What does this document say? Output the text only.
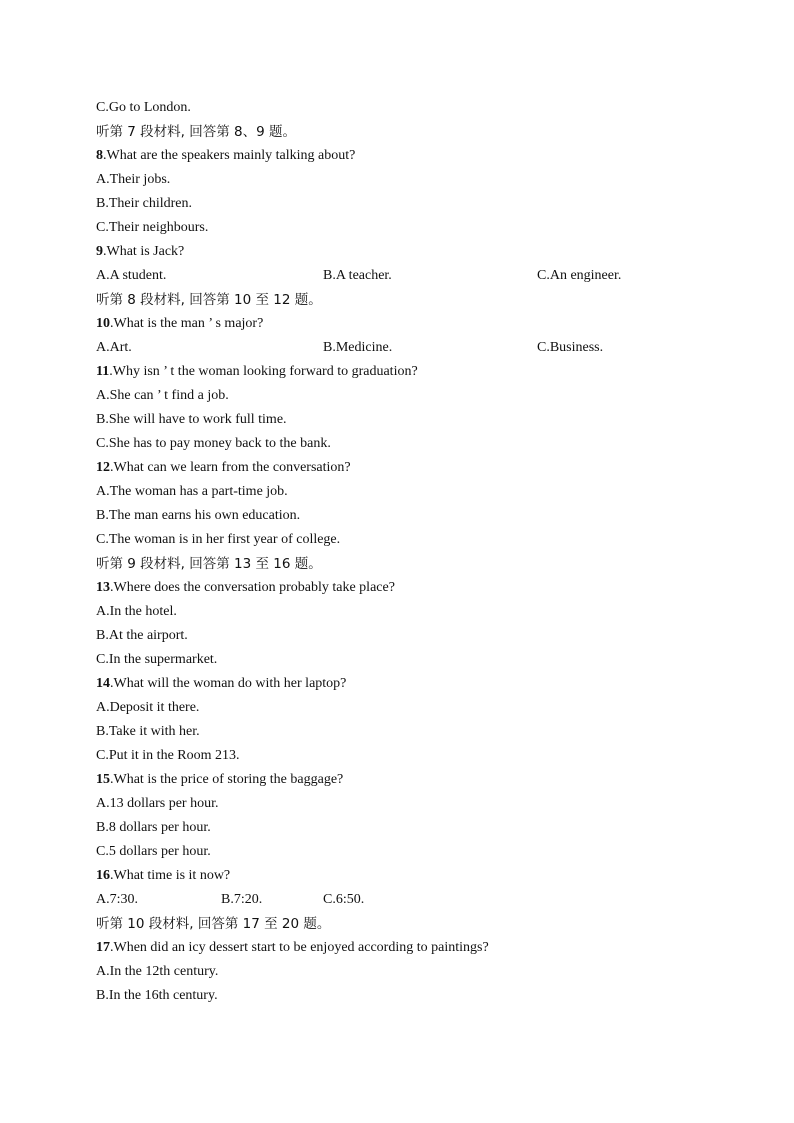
C.Go to London.
听第 7 段材料, 回答第 8、9 题。
8.What are the speakers mainly talking about?
A.Their jobs.
B.Their children.
C.Their neighbours.
9.What is Jack?
A.A student.	B.A teacher.	C.An engineer.
听第 8 段材料, 回答第 10 至 12 题。
10.What is the man ’ s major?
A.Art.	B.Medicine.	C.Business.
11.Why isn ’ t the woman looking forward to graduation?
A.She can ’ t find a job.
B.She will have to work full time.
C.She has to pay money back to the bank.
12.What can we learn from the conversation?
A.The woman has a part-time job.
B.The man earns his own education.
C.The woman is in her first year of college.
听第 9 段材料, 回答第 13 至 16 题。
13.Where does the conversation probably take place?
A.In the hotel.
B.At the airport.
C.In the supermarket.
14.What will the woman do with her laptop?
A.Deposit it there.
B.Take it with her.
C.Put it in the Room 213.
15.What is the price of storing the baggage?
A.13 dollars per hour.
B.8 dollars per hour.
C.5 dollars per hour.
16.What time is it now?
A.7:30.	B.7:20.	C.6:50.
听第 10 段材料, 回答第 17 至 20 题。
17.When did an icy dessert start to be enjoyed according to paintings?
A.In the 12th century.
B.In the 16th century.
